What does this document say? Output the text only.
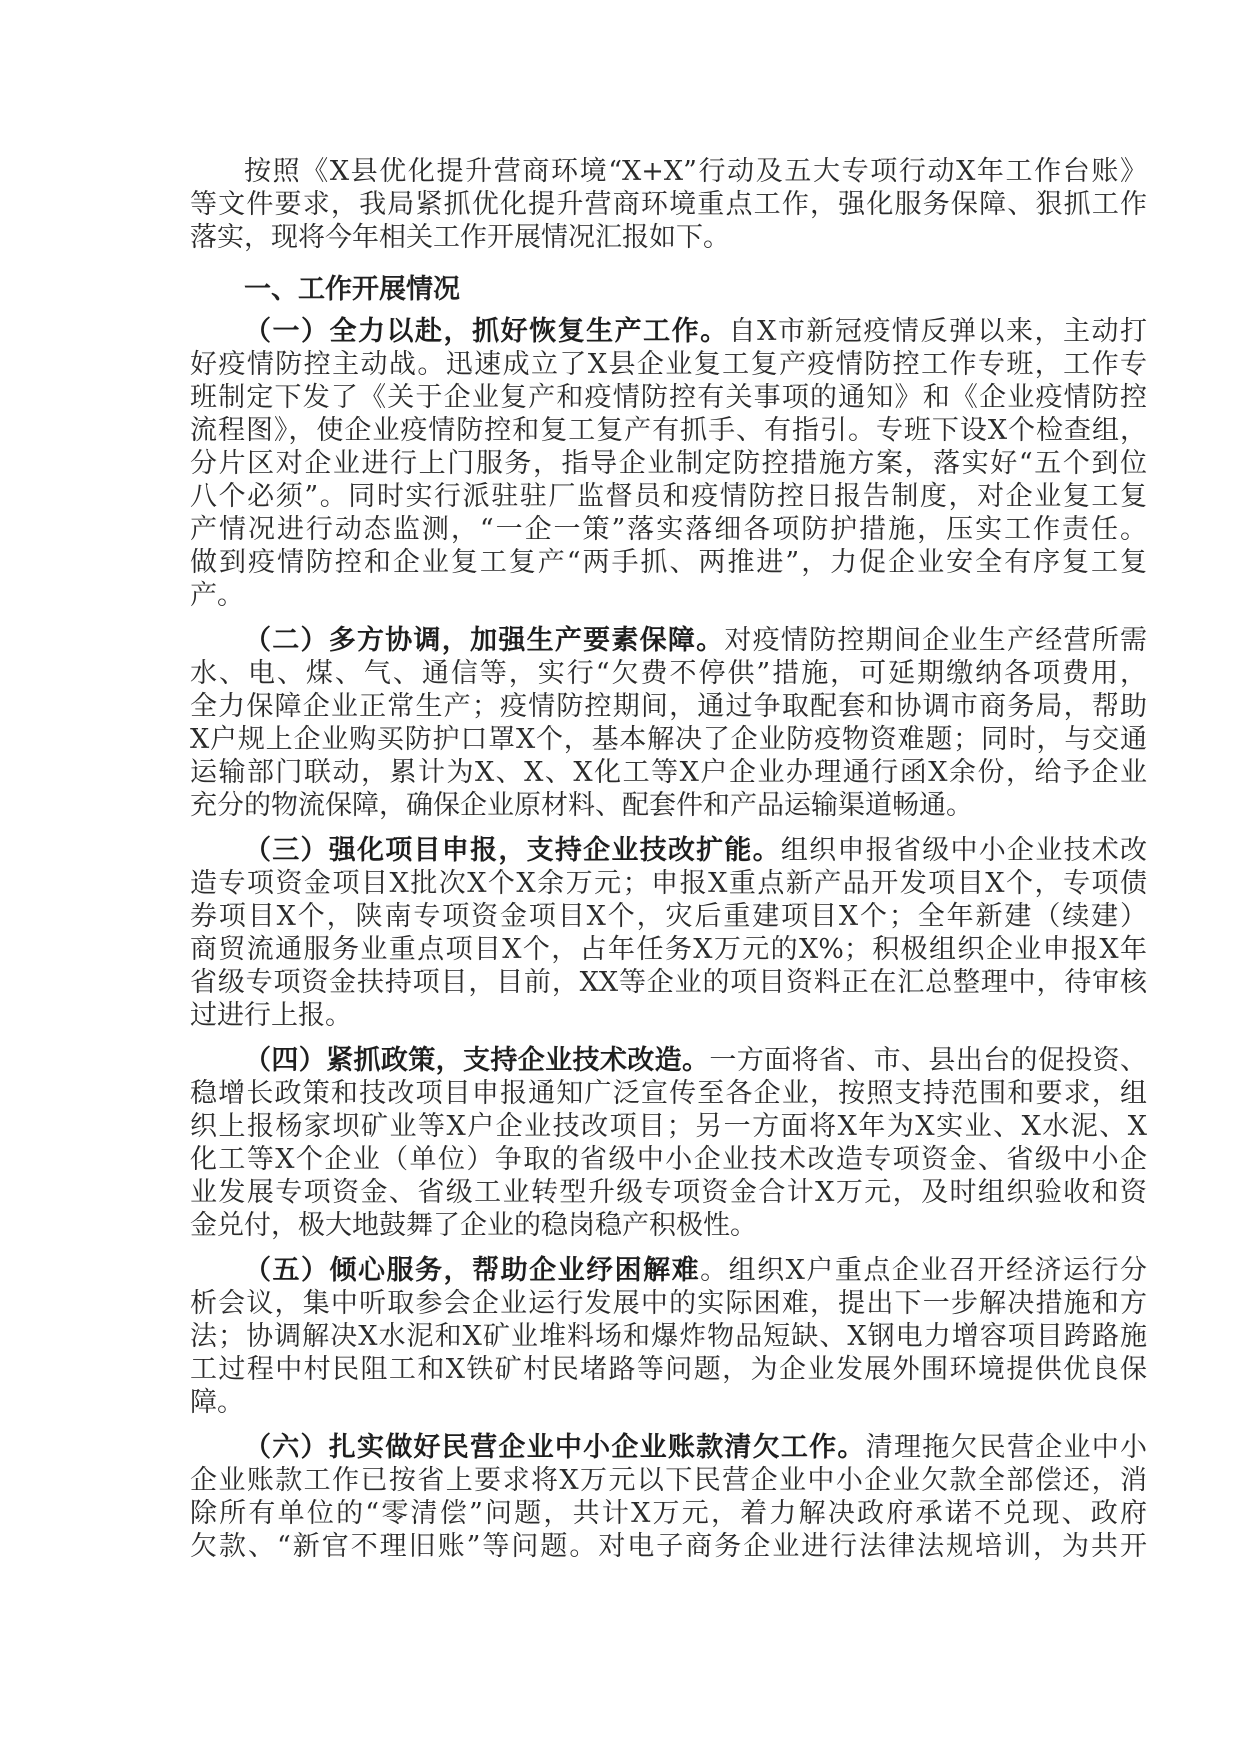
按照《X县优化提升营商环境“X+X”行动及五大专项行动X年工作台账》
等文件要求，我局紧抓优化提升营商环境重点工作，强化服务保障、狠抓工作
落实，现将今年相关工作开展情况汇报如下。
一、工作开展情况
（一）全力以赴，抓好恢复生产工作。自X市新冠疫情反弹以来，主动打
好疫情防控主动战。迅速成立了X县企业复工复产疫情防控工作专班，工作专
班制定下发了《关于企业复产和疫情防控有关事项的通知》和《企业疫情防控
流程图》，使企业疫情防控和复工复产有抓手、有指引。专班下设X个检查组，
分片区对企业进行上门服务，指导企业制定防控措施方案，落实好“五个到位
八个必须”。同时实行派驻驻厂监督员和疫情防控日报告制度，对企业复工复
产情况进行动态监测，“一企一策”落实落细各项防护措施，压实工作责任。
做到疫情防控和企业复工复产“两手抓、两推进”，力促企业安全有序复工复
产。
（二）多方协调，加强生产要素保障。对疫情防控期间企业生产经营所需
水、电、煤、气、通信等，实行“欠费不停供”措施，可延期缴纳各项费用，
全力保障企业正常生产；疫情防控期间，通过争取配套和协调市商务局，帮助
X户规上企业购买防护口罩X个，基本解决了企业防疫物资难题；同时，与交通
运输部门联动，累计为X、X、X化工等X户企业办理通行函X余份，给予企业
充分的物流保障，确保企业原材料、配套件和产品运输渠道畅通。
（三）强化项目申报，支持企业技改扩能。组织申报省级中小企业技术改
造专项资金项目X批次X个X余万元；申报X重点新产品开发项目X个，专项债
券项目X个，陕南专项资金项目X个，灾后重建项目X个；全年新建（续建）
商贸流通服务业重点项目X个，占年任务X万元的X%；积极组织企业申报X年
省级专项资金扶持项目，目前，XX等企业的项目资料正在汇总整理中，待审核
过进行上报。
（四）紧抓政策，支持企业技术改造。一方面将省、市、县出台的促投资、
稳增长政策和技改项目申报通知广泛宣传至各企业，按照支持范围和要求，组
织上报杨家坝矿业等X户企业技改项目；另一方面将X年为X实业、X水泥、X
化工等X个企业（单位）争取的省级中小企业技术改造专项资金、省级中小企
业发展专项资金、省级工业转型升级专项资金合计X万元，及时组织验收和资
金兑付，极大地鼓舞了企业的稳岗稳产积极性。
（五）倾心服务，帮助企业纾困解难。组织X户重点企业召开经济运行分
析会议，集中听取参会企业运行发展中的实际困难，提出下一步解决措施和方
法；协调解决X水泥和X矿业堆料场和爆炸物品短缺、X钢电力增容项目跨路施
工过程中村民阻工和X铁矿村民堵路等问题，为企业发展外围环境提供优良保
障。
（六）扎实做好民营企业中小企业账款清欠工作。清理拖欠民营企业中小
企业账款工作已按省上要求将X万元以下民营企业中小企业欠款全部偿还，消
除所有单位的“零清偿”问题，共计X万元，着力解决政府承诺不兑现、政府
欠款、“新官不理旧账”等问题。对电子商务企业进行法律法规培训，为共开
